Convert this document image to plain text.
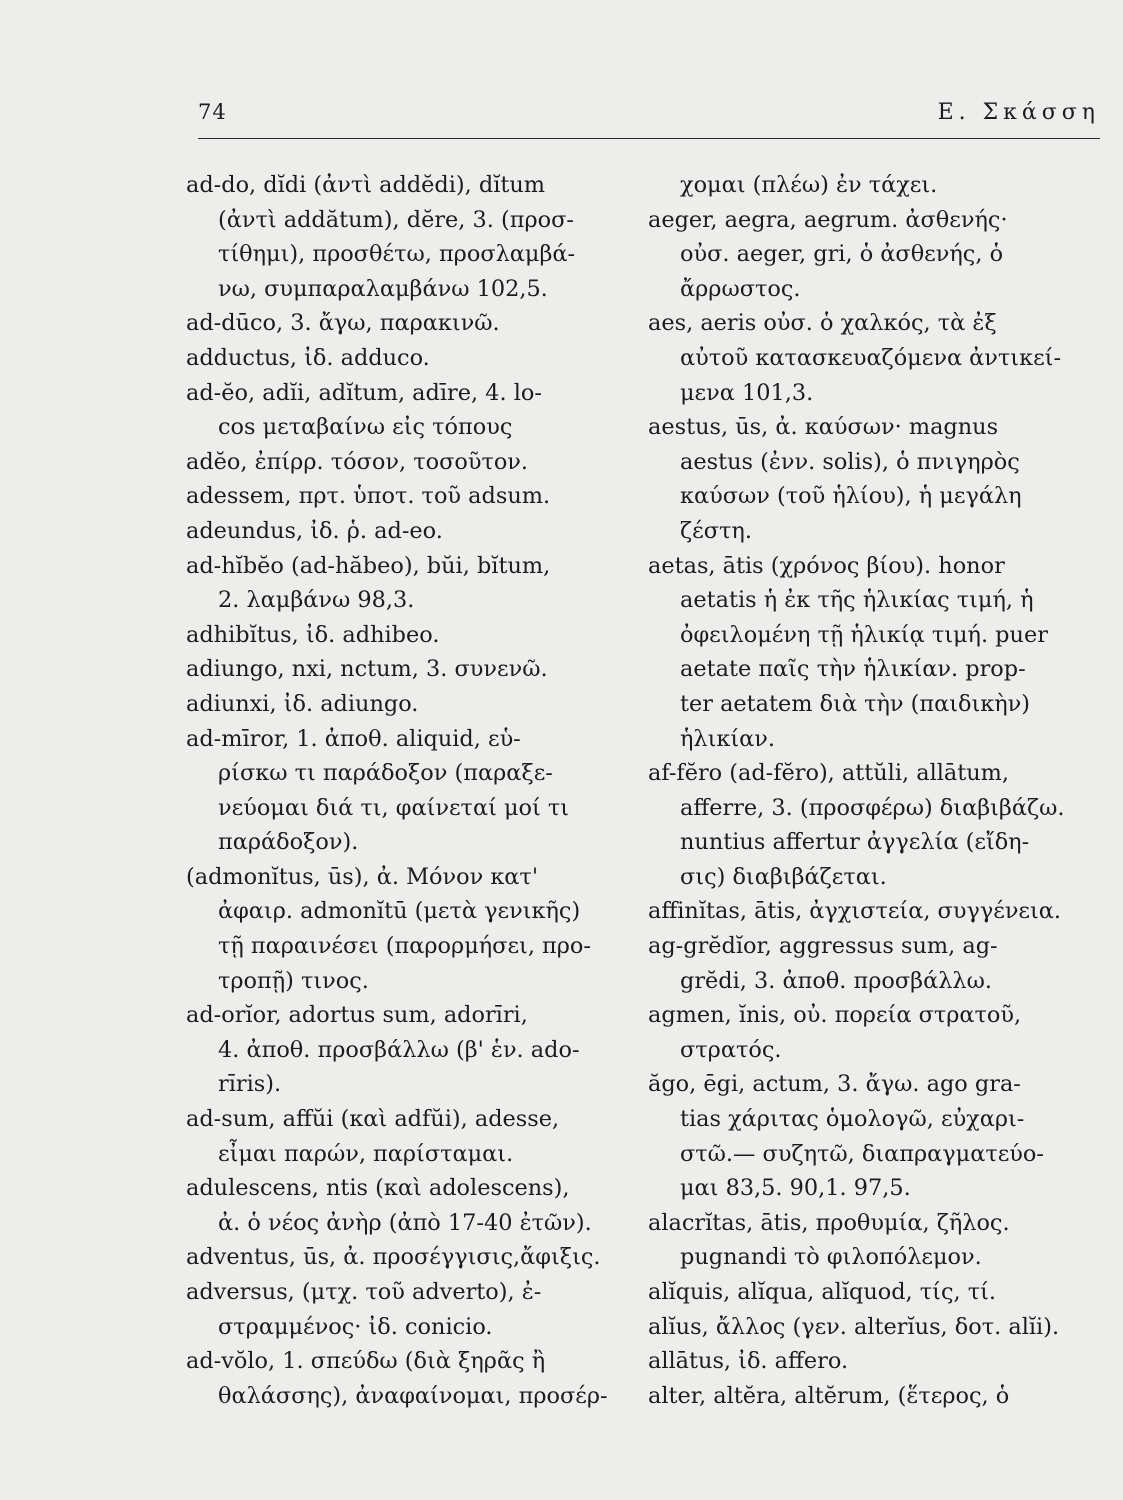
74	Ε. Σκάσση
ad-do, dĭdi (ἀντὶ addĕdi), dĭtum
(ἀντὶ addătum), dĕre, 3. (προσ-
τίθημι), προσθέτω, προσλαμβά-
νω, συμπαραλαμβάνω 102,5.
ad-dūco, 3. ἄγω, παρακινῶ.
adductus, ἰδ. adduco.
ad-ĕo, adĭi, adĭtum, adīre, 4. lo-
cos μεταβαίνω εἰς τόπους
adĕo, ἐπίρρ. τόσον, τοσοῦτον.
adessem, πρτ. ὑποτ. τοῦ adsum.
adeundus, ἰδ. ῥ. ad-eo.
ad-hĭbĕo (ad-hăbeo), bŭi, bĭtum,
2. λαμβάνω 98,3.
adhibĭtus, ἰδ. adhibeo.
adiungo, nxi, nctum, 3. συνενῶ.
adiunxi, ἰδ. adiungo.
ad-mīror, 1. ἀποθ. aliquid, εὑ-
ρίσκω τι παράδοξον (παραξε-
νεύομαι διά τι, φαίνεταί μοί τι
παράδοξον).
(admonĭtus, ūs), ἀ. Μόνον κατ'
ἀφαιρ. admonĭtū (μετὰ γενικῆς)
τῇ παραινέσει (παρορμήσει, προ-
τροπῇ) τινος.
ad-orĭor, adortus sum, adorīri,
4. ἀποθ. προσβάλλω (β' ἑν. ado-
rīris).
ad-sum, affŭi (καὶ adfŭi), adesse,
εἶμαι παρών, παρίσταμαι.
adulescens, ntis (καὶ adolescens),
ἀ. ὁ νέος ἀνὴρ (ἀπὸ 17-40 ἐτῶν).
adventus, ūs, ἀ. προσέγγισις,ἄφιξις.
adversus, (μτχ. τοῦ adverto), ἐ-
στραμμένος· ἰδ. conicio.
ad-vŏlo, 1. σπεύδω (διὰ ξηρᾶς ἢ
θαλάσσης), ἀναφαίνομαι, προσέρ-
χομαι (πλέω) ἐν τάχει.
aeger, aegra, aegrum. ἀσθενής·
οὐσ. aeger, gri, ὁ ἀσθενής, ὁ
ἄρρωστος.
aes, aeris οὐσ. ὁ χαλκός, τὰ ἐξ
αὐτοῦ κατασκευαζόμενα ἀντικεί-
μενα 101,3.
aestus, ūs, ἀ. καύσων· magnus
aestus (ἐνν. solis), ὁ πνιγηρὸς
καύσων (τοῦ ἡλίου), ἡ μεγάλη
ζέστη.
aetas, ātis (χρόνος βίου). honor
aetatis ἡ ἐκ τῆς ἡλικίας τιμή, ἡ
ὀφειλομένη τῇ ἡλικίᾳ τιμή. puer
aetate παῖς τὴν ἡλικίαν. prop-
ter aetatem διὰ τὴν (παιδικὴν)
ἡλικίαν.
af-fĕro (ad-fĕro), attŭli, allātum,
afferre, 3. (προσφέρω) διαβιβάζω.
nuntius affertur ἀγγελία (εἴδη-
σις) διαβιβάζεται.
affinĭtas, ātis, ἀγχιστεία, συγγένεια.
ag-grĕdĭor, aggressus sum, ag-
grĕdi, 3. ἀποθ. προσβάλλω.
agmen, ĭnis, οὐ. πορεία στρατοῦ,
στρατός.
ăgo, ēgi, actum, 3. ἄγω. ago gra-
tias χάριτας ὁμολογῶ, εὐχαρι-
στῶ.— συζητῶ, διαπραγματεύο-
μαι 83,5. 90,1. 97,5.
alacrĭtas, ātis, προθυμία, ζῆλος.
pugnandi τὸ φιλοπόλεμον.
alĭquis, alĭqua, alĭquod, τίς, τί.
alĭus, ἄλλος (γεν. alterĭus, δοτ. alĭi).
allātus, ἰδ. affero.
alter, altĕra, altĕrum, (ἕτερος, ὁ
